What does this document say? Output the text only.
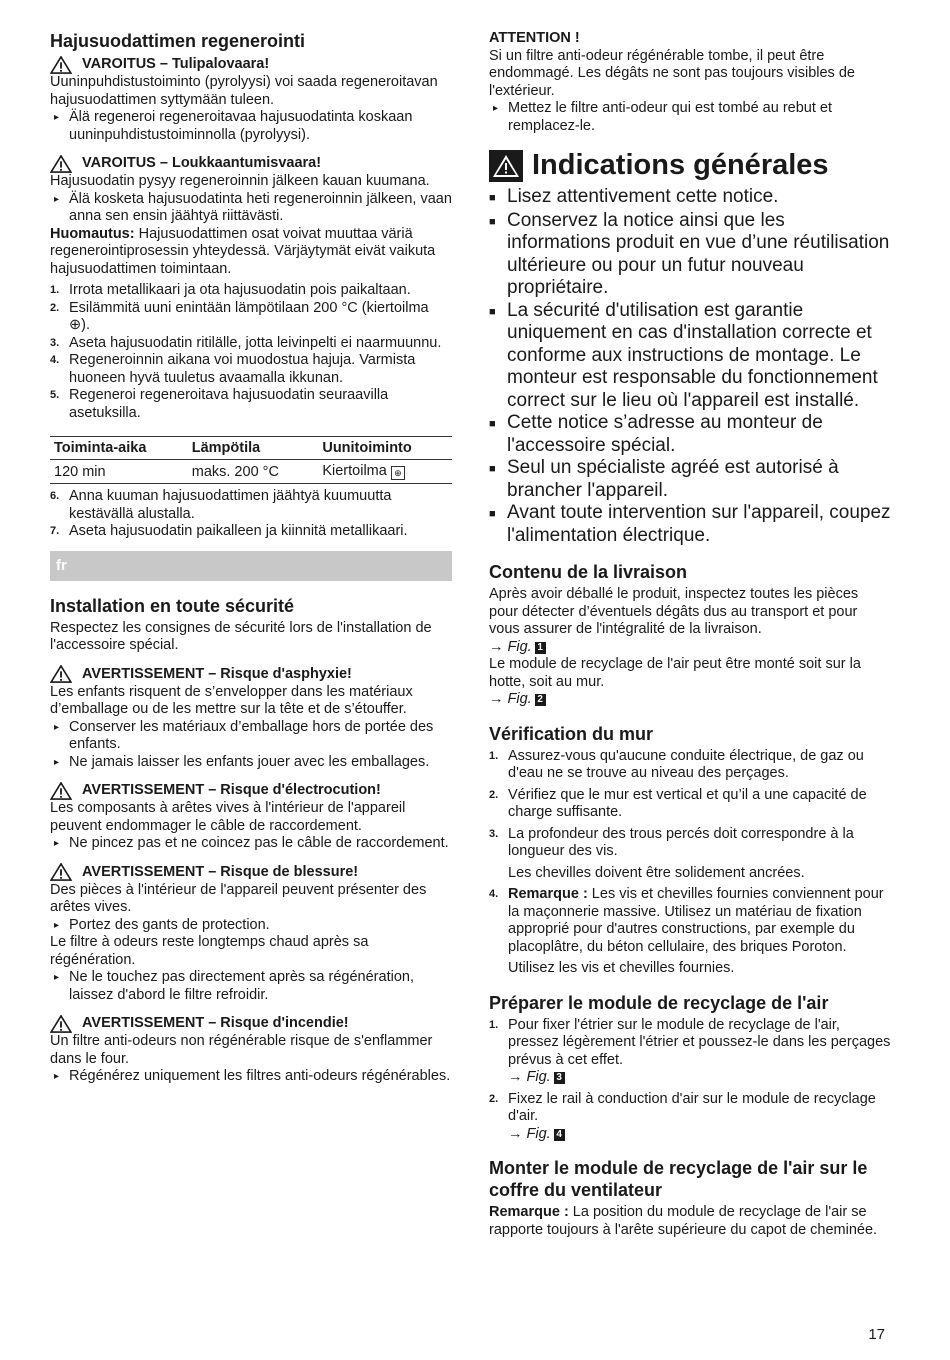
Hajusuodattimen regenerointi

VAROITUS – Tulipalovaara!

Uuninpuhdistustoiminto (pyrolyysi) voi saada regeneroitavan hajusuodattimen syttymään tuleen.

▸ Älä regeneroi regeneroitavaa hajusuodatinta koskaan uuninpuhdistustoiminnolla (pyrolyysi).

VAROITUS – Loukkaantumisvaara!

Hajusuodatin pysyy regeneroinnin jälkeen kauan kuumana.

▸ Älä kosketa hajusuodatinta heti regeneroinnin jälkeen, vaan anna sen ensin jäähtyä riittävästi.

Huomautus: Hajusuodattimen osat voivat muuttaa väriä regenerointiprosessin yhteydessä. Värjäytymät eivät vaikuta hajusuodattimen toimintaan.

1. Irrota metallikaari ja ota hajusuodatin pois paikaltaan.

2. Esilämmitä uuni enintään lämpötilaan 200 °C (kiertoilma ⊕).

3. Aseta hajusuodatin ritilälle, jotta leivinpelti ei naarmuunnu.

4. Regeneroinnin aikana voi muodostua hajuja. Varmista huoneen hyvä tuuletus avaamalla ikkunan.

5. Regeneroi regeneroitava hajusuodatin seuraavilla asetuksilla.

Toiminta-aika	Lämpötila	Uunitoiminto
120 min	maks. 200 °C	Kiertoilma ⊕

6. Anna kuuman hajusuodattimen jäähtyä kuumuutta kestävällä alustalla.

7. Aseta hajusuodatin paikalleen ja kiinnitä metallikaari.

fr
Installation en toute sécurité

Respectez les consignes de sécurité lors de l'installation de l'accessoire spécial.

AVERTISSEMENT – Risque d'asphyxie!

Les enfants risquent de s’envelopper dans les matériaux d’emballage ou de les mettre sur la tête et de s’étouffer.

▸ Conserver les matériaux d’emballage hors de portée des enfants.

▸ Ne jamais laisser les enfants jouer avec les emballages.

AVERTISSEMENT – Risque d'électrocution!

Les composants à arêtes vives à l'intérieur de l'appareil peuvent endommager le câble de raccordement.

▸ Ne pincez pas et ne coincez pas le câble de raccordement.

AVERTISSEMENT – Risque de blessure!

Des pièces à l'intérieur de l'appareil peuvent présenter des arêtes vives.

▸ Portez des gants de protection.

Le filtre à odeurs reste longtemps chaud après sa régénération.

▸ Ne le touchez pas directement après sa régénération, laissez d'abord le filtre refroidir.

AVERTISSEMENT – Risque d'incendie!

Un filtre anti-odeurs non régénérable risque de s'enflammer dans le four.

▸ Régénérez uniquement les filtres anti-odeurs régénérables.

ATTENTION !

Si un filtre anti-odeur régénérable tombe, il peut être endommagé. Les dégâts ne sont pas toujours visibles de l'extérieur.

▸ Mettez le filtre anti-odeur qui est tombé au rebut et remplacez-le.

Indications générales

■ Lisez attentivement cette notice.

■ Conservez la notice ainsi que les informations produit en vue d’une réutilisation ultérieure ou pour un futur nouveau propriétaire.

■ La sécurité d'utilisation est garantie uniquement en cas d'installation correcte et conforme aux instructions de montage. Le monteur est responsable du fonctionnement correct sur le lieu où l'appareil est installé.

■ Cette notice s’adresse au monteur de l'accessoire spécial.

■ Seul un spécialiste agréé est autorisé à brancher l'appareil.

■ Avant toute intervention sur l'appareil, coupez l'alimentation électrique.

Contenu de la livraison

Après avoir déballé le produit, inspectez toutes les pièces pour détecter d’éventuels dégâts dus au transport et pour vous assurer de l'intégralité de la livraison.

→ Fig. 1

Le module de recyclage de l'air peut être monté soit sur la hotte, soit au mur.

→ Fig. 2

Vérification du mur

1. Assurez-vous qu'aucune conduite électrique, de gaz ou d'eau ne se trouve au niveau des perçages.

2. Vérifiez que le mur est vertical et qu’il a une capacité de charge suffisante.

3. La profondeur des trous percés doit correspondre à la longueur des vis.

Les chevilles doivent être solidement ancrées.

4. Remarque : Les vis et chevilles fournies conviennent pour la maçonnerie massive. Utilisez un matériau de fixation approprié pour d'autres constructions, par exemple du placoplâtre, du béton cellulaire, des briques Poroton.

Utilisez les vis et chevilles fournies.

Préparer le module de recyclage de l'air

1. Pour fixer l'étrier sur le module de recyclage de l'air, pressez légèrement l'étrier et poussez-le dans les perçages prévus à cet effet.

→ Fig. 3

2. Fixez le rail à conduction d'air sur le module de recyclage d'air.

→ Fig. 4

Monter le module de recyclage de l'air sur le coffre du ventilateur

Remarque : La position du module de recyclage de l'air se rapporte toujours à l'arête supérieure du capot de cheminée.

17
